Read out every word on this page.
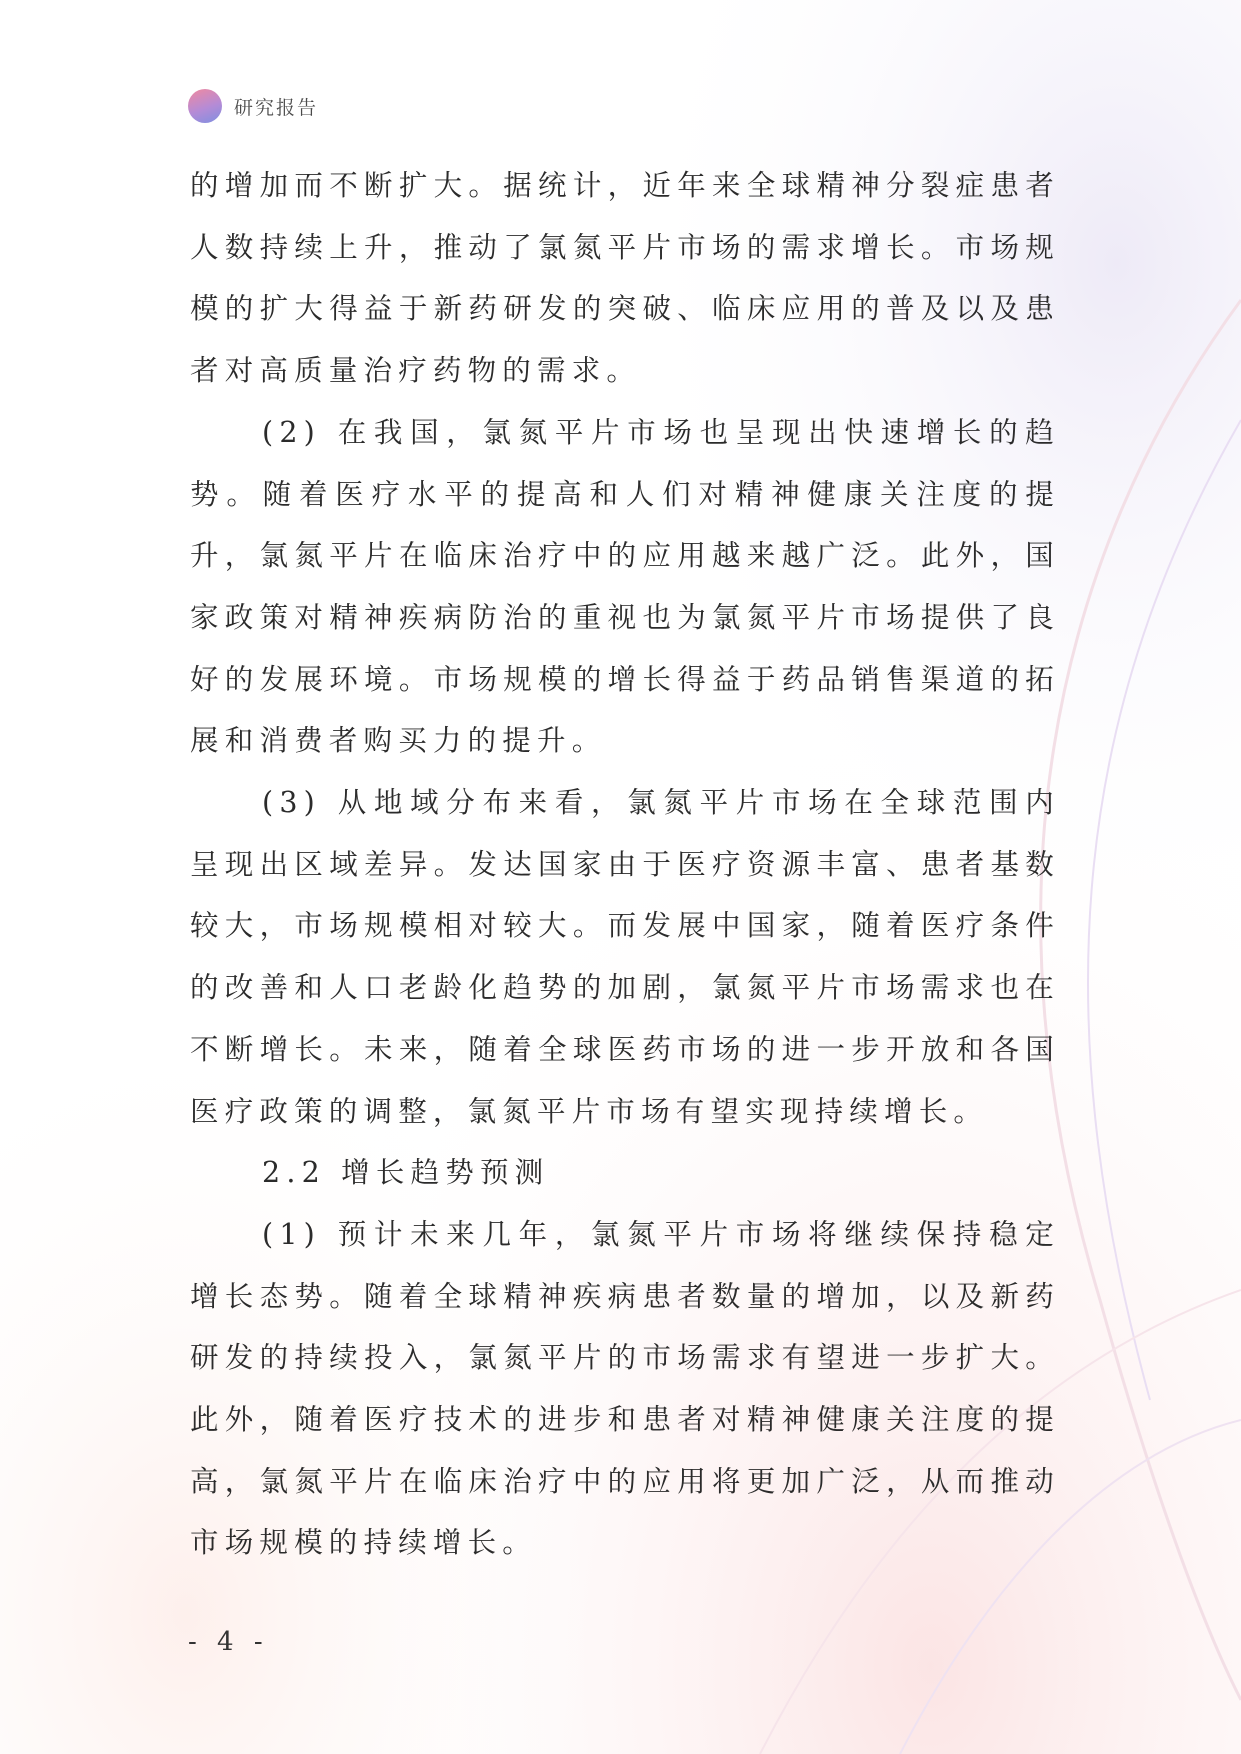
研究报告

的增加而不断扩大。据统计，近年来全球精神分裂症患者人数持续上升，推动了氯氮平片市场的需求增长。市场规模的扩大得益于新药研发的突破、临床应用的普及以及患者对高质量治疗药物的需求。

(2) 在我国，氯氮平片市场也呈现出快速增长的趋势。随着医疗水平的提高和人们对精神健康关注度的提升，氯氮平片在临床治疗中的应用越来越广泛。此外，国家政策对精神疾病防治的重视也为氯氮平片市场提供了良好的发展环境。市场规模的增长得益于药品销售渠道的拓展和消费者购买力的提升。

(3) 从地域分布来看，氯氮平片市场在全球范围内呈现出区域差异。发达国家由于医疗资源丰富、患者基数较大，市场规模相对较大。而发展中国家，随着医疗条件的改善和人口老龄化趋势的加剧，氯氮平片市场需求也在不断增长。未来，随着全球医药市场的进一步开放和各国医疗政策的调整，氯氮平片市场有望实现持续增长。

2.2 增长趋势预测

(1) 预计未来几年，氯氮平片市场将继续保持稳定增长态势。随着全球精神疾病患者数量的增加，以及新药研发的持续投入，氯氮平片的市场需求有望进一步扩大。此外，随着医疗技术的进步和患者对精神健康关注度的提高，氯氮平片在临床治疗中的应用将更加广泛，从而推动市场规模的持续增长。

- 4 -
